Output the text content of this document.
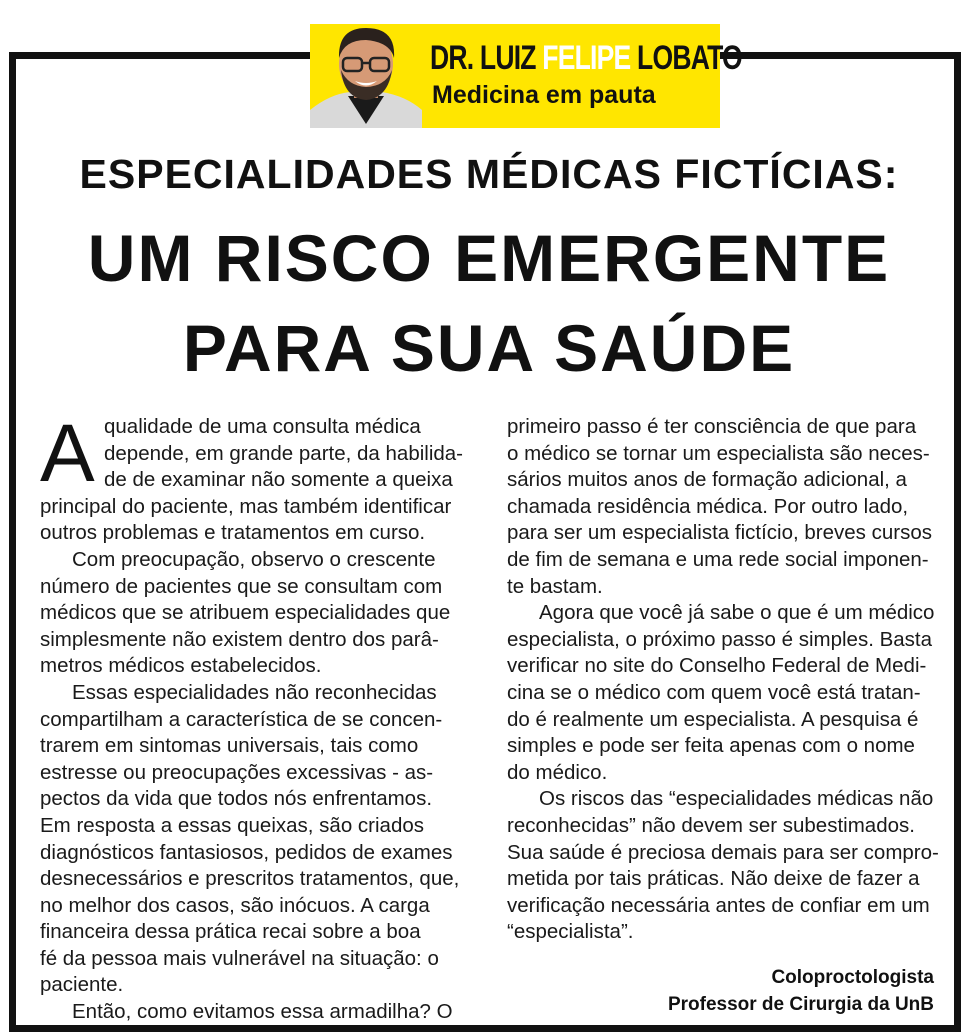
DR. LUIZ FELIPE LOBATO
Medicina em pauta
ESPECIALIDADES MÉDICAS FICTÍCIAS:
UM RISCO EMERGENTE
PARA SUA SAÚDE
A qualidade de uma consulta médica
depende, em grande parte, da habilida-
de de examinar não somente a queixa
principal do paciente, mas também identificar
outros problemas e tratamentos em curso.
Com preocupação, observo o crescente
número de pacientes que se consultam com
médicos que se atribuem especialidades que
simplesmente não existem dentro dos parâ-
metros médicos estabelecidos.
Essas especialidades não reconhecidas
compartilham a característica de se concen-
trarem em sintomas universais, tais como
estresse ou preocupações excessivas - as-
pectos da vida que todos nós enfrentamos.
Em resposta a essas queixas, são criados
diagnósticos fantasiosos, pedidos de exames
desnecessários e prescritos tratamentos, que,
no melhor dos casos, são inócuos. A carga
financeira dessa prática recai sobre a boa
fé da pessoa mais vulnerável na situação: o
paciente.
Então, como evitamos essa armadilha? O
primeiro passo é ter consciência de que para
o médico se tornar um especialista são neces-
sários muitos anos de formação adicional, a
chamada residência médica. Por outro lado,
para ser um especialista fictício, breves cursos
de fim de semana e uma rede social imponen-
te bastam.
Agora que você já sabe o que é um médico
especialista, o próximo passo é simples. Basta
verificar no site do Conselho Federal de Medi-
cina se o médico com quem você está tratan-
do é realmente um especialista. A pesquisa é
simples e pode ser feita apenas com o nome
do médico.
Os riscos das “especialidades médicas não
reconhecidas” não devem ser subestimados.
Sua saúde é preciosa demais para ser compro-
metida por tais práticas. Não deixe de fazer a
verificação necessária antes de confiar em um
“especialista”.
Coloproctologista
Professor de Cirurgia da UnB
